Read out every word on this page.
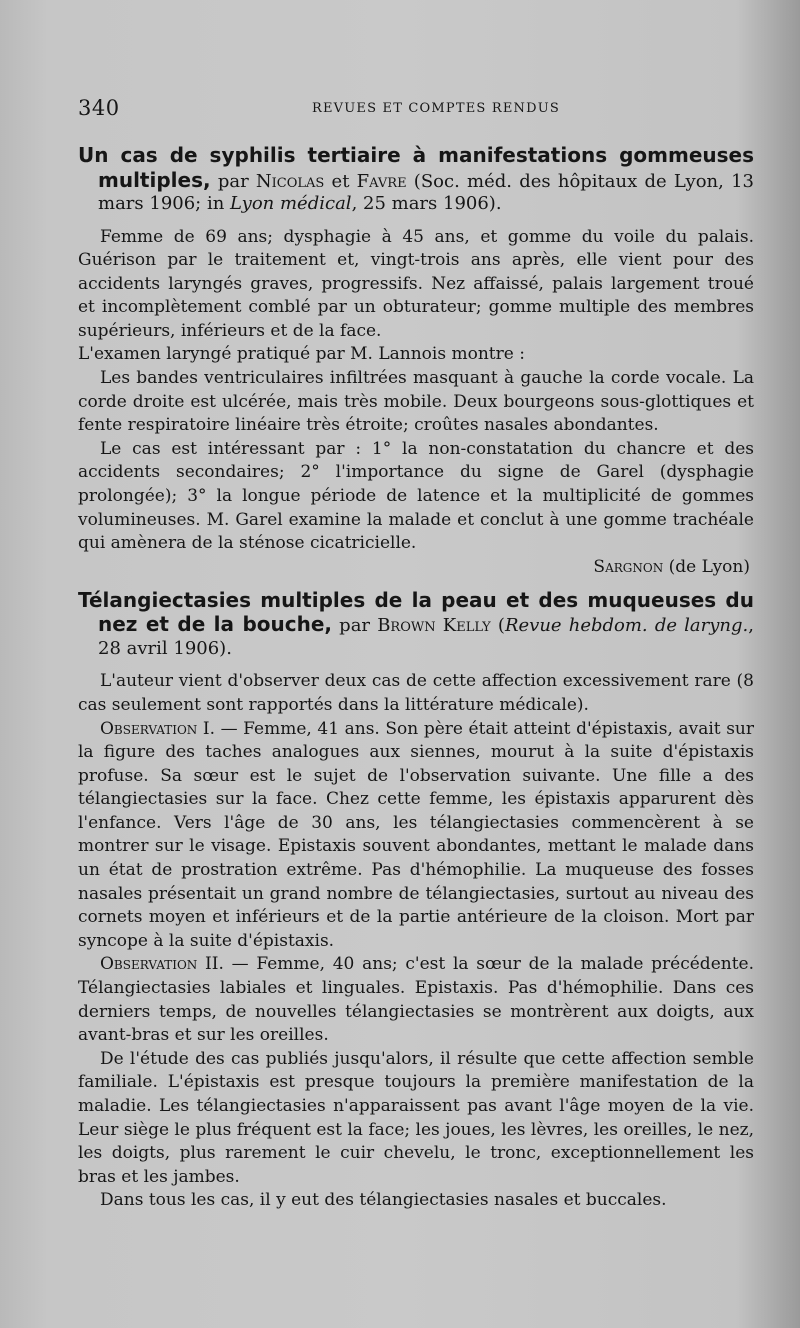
340	REVUES ET COMPTES RENDUS

Un cas de syphilis tertiaire à manifestations gommeuses multiples, par Nicolas et Favre (Soc. méd. des hôpitaux de Lyon, 13 mars 1906; in Lyon médical, 25 mars 1906).

Femme de 69 ans; dysphagie à 45 ans, et gomme du voile du palais. Guérison par le traitement et, vingt-trois ans après, elle vient pour des accidents laryngés graves, progressifs. Nez affaissé, palais largement troué et incomplètement comblé par un obturateur; gomme multiple des membres supérieurs, inférieurs et de la face.

L'examen laryngé pratiqué par M. Lannois montre :

Les bandes ventriculaires infiltrées masquant à gauche la corde vocale. La corde droite est ulcérée, mais très mobile. Deux bourgeons sous-glottiques et fente respiratoire linéaire très étroite; croûtes nasales abondantes.

Le cas est intéressant par : 1° la non-constatation du chancre et des accidents secondaires; 2° l'importance du signe de Garel (dysphagie prolongée); 3° la longue période de latence et la multiplicité de gommes volumineuses. M. Garel examine la malade et conclut à une gomme trachéale qui amènera de la sténose cicatricielle.

Sargnon (de Lyon)

Télangiectasies multiples de la peau et des muqueuses du nez et de la bouche, par Brown Kelly (Revue hebdom. de laryng., 28 avril 1906).

L'auteur vient d'observer deux cas de cette affection excessivement rare (8 cas seulement sont rapportés dans la littérature médicale).

Observation I. — Femme, 41 ans. Son père était atteint d'épistaxis, avait sur la figure des taches analogues aux siennes, mourut à la suite d'épistaxis profuse. Sa sœur est le sujet de l'observation suivante. Une fille a des télangiectasies sur la face. Chez cette femme, les épistaxis apparurent dès l'enfance. Vers l'âge de 30 ans, les télangiectasies commencèrent à se montrer sur le visage. Epistaxis souvent abondantes, mettant le malade dans un état de prostration extrême. Pas d'hémophilie. La muqueuse des fosses nasales présentait un grand nombre de télangiectasies, surtout au niveau des cornets moyen et inférieurs et de la partie antérieure de la cloison. Mort par syncope à la suite d'épistaxis.

Observation II. — Femme, 40 ans; c'est la sœur de la malade précédente. Télangiectasies labiales et linguales. Epistaxis. Pas d'hémophilie. Dans ces derniers temps, de nouvelles télangiectasies se montrèrent aux doigts, aux avant-bras et sur les oreilles.

De l'étude des cas publiés jusqu'alors, il résulte que cette affection semble familiale. L'épistaxis est presque toujours la première manifestation de la maladie. Les télangiectasies n'apparaissent pas avant l'âge moyen de la vie. Leur siège le plus fréquent est la face; les joues, les lèvres, les oreilles, le nez, les doigts, plus rarement le cuir chevelu, le tronc, exceptionnellement les bras et les jambes.

Dans tous les cas, il y eut des télangiectasies nasales et buccales.
